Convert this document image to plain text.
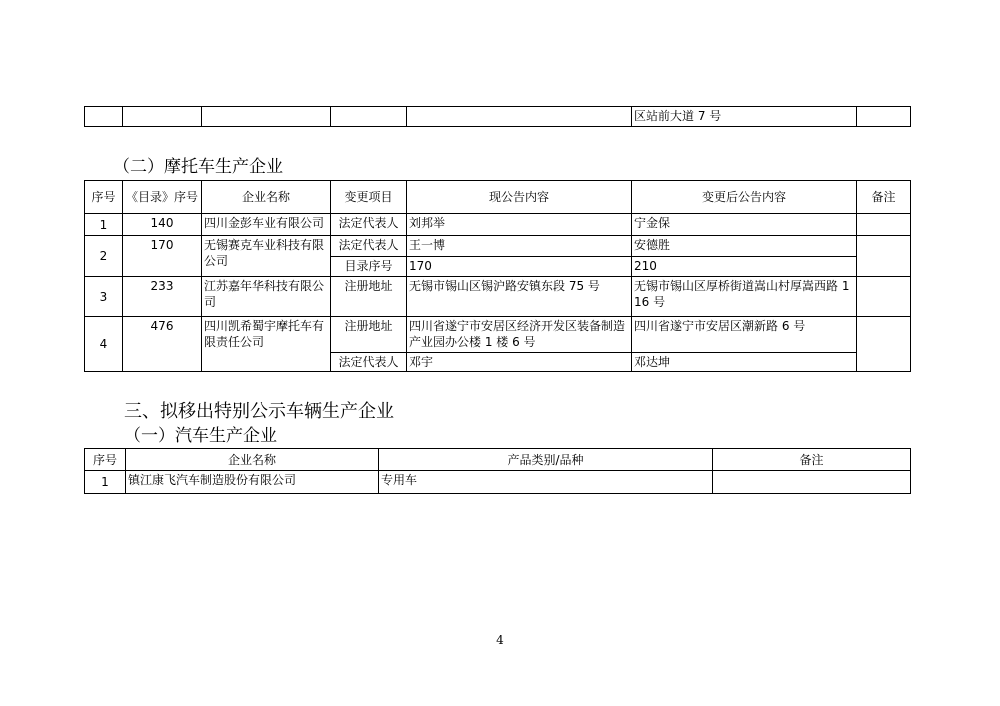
					区站前大道 7 号	
（二）摩托车生产企业
序号	《目录》序号	企业名称	变更项目	现公告内容	变更后公告内容	备注
1	140	四川金彭车业有限公司	法定代表人	刘邦举	宁金保	
2	170	无锡赛克车业科技有限公司	法定代表人	王一博	安德胜	
			目录序号	170	210	
3	233	江苏嘉年华科技有限公司	注册地址	无锡市锡山区锡沪路安镇东段 75 号	无锡市锡山区厚桥街道嵩山村厚嵩西路 116 号	
4	476	四川凯希蜀宇摩托车有限责任公司	注册地址	四川省遂宁市安居区经济开发区装备制造产业园办公楼 1 楼 6 号	四川省遂宁市安居区潮新路 6 号	
			法定代表人	邓宇	邓达坤	
三、拟移出特别公示车辆生产企业
（一）汽车生产企业
序号	企业名称	产品类别/品种	备注
1	镇江康飞汽车制造股份有限公司	专用车	
4
